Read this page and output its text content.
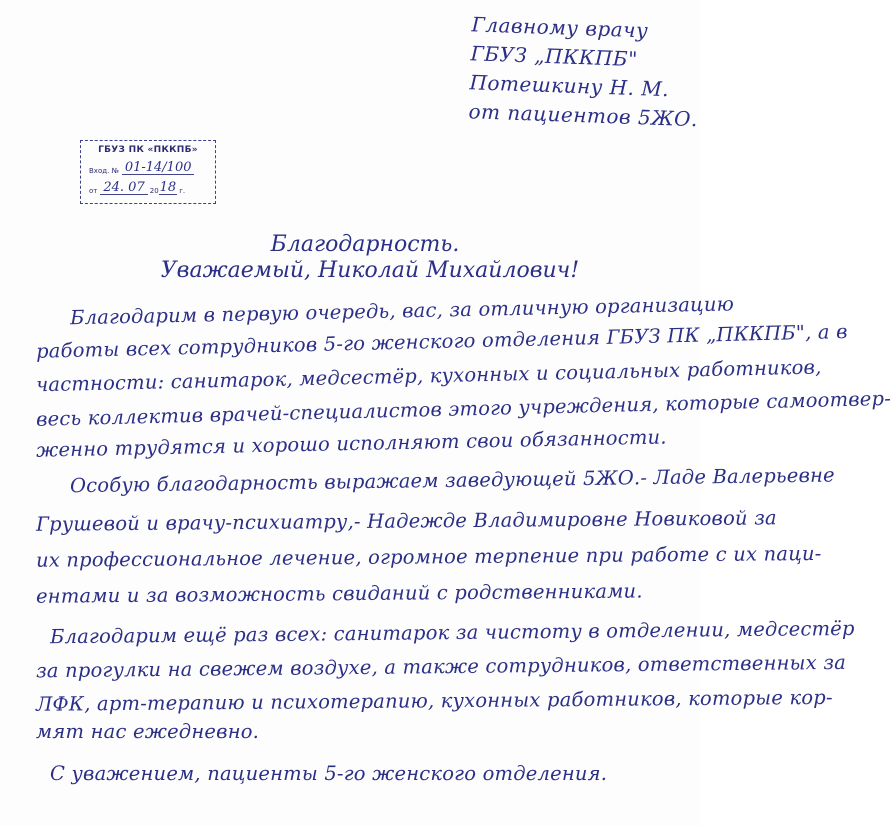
Главному врачу
ГБУЗ „ПККПБ"
Потешкину Н. М.
от пациентов 5ЖО.
ГБУЗ ПК «ПККПБ»
Вход. № 01-14/100
от 24. 07 20 18 г.
Благодарность.
Уважаемый, Николай Михайлович!
Благодарим в первую очередь, вас, за отличную организацию
работы всех сотрудников 5-го женского отделения ГБУЗ ПК „ПККПБ", а в
частности: санитарок, медсестёр, кухонных и социальных работников,
весь коллектив врачей-специалистов этого учреждения, которые самоотвер-
женно трудятся и хорошо исполняют свои обязанности.
Особую благодарность выражаем заведующей 5ЖО.- Ладе Валерьевне
Грушевой и врачу-психиатру,- Надежде Владимировне Новиковой за
их профессиональное лечение, огромное терпение при работе с их паци-
ентами и за возможность свиданий с родственниками.
Благодарим ещё раз всех: санитарок за чистоту в отделении, медсестёр
за прогулки на свежем воздухе, а также сотрудников, ответственных за
ЛФК, арт-терапию и психотерапию, кухонных работников, которые кор-
мят нас ежедневно.
С уважением, пациенты 5-го женского отделения.
